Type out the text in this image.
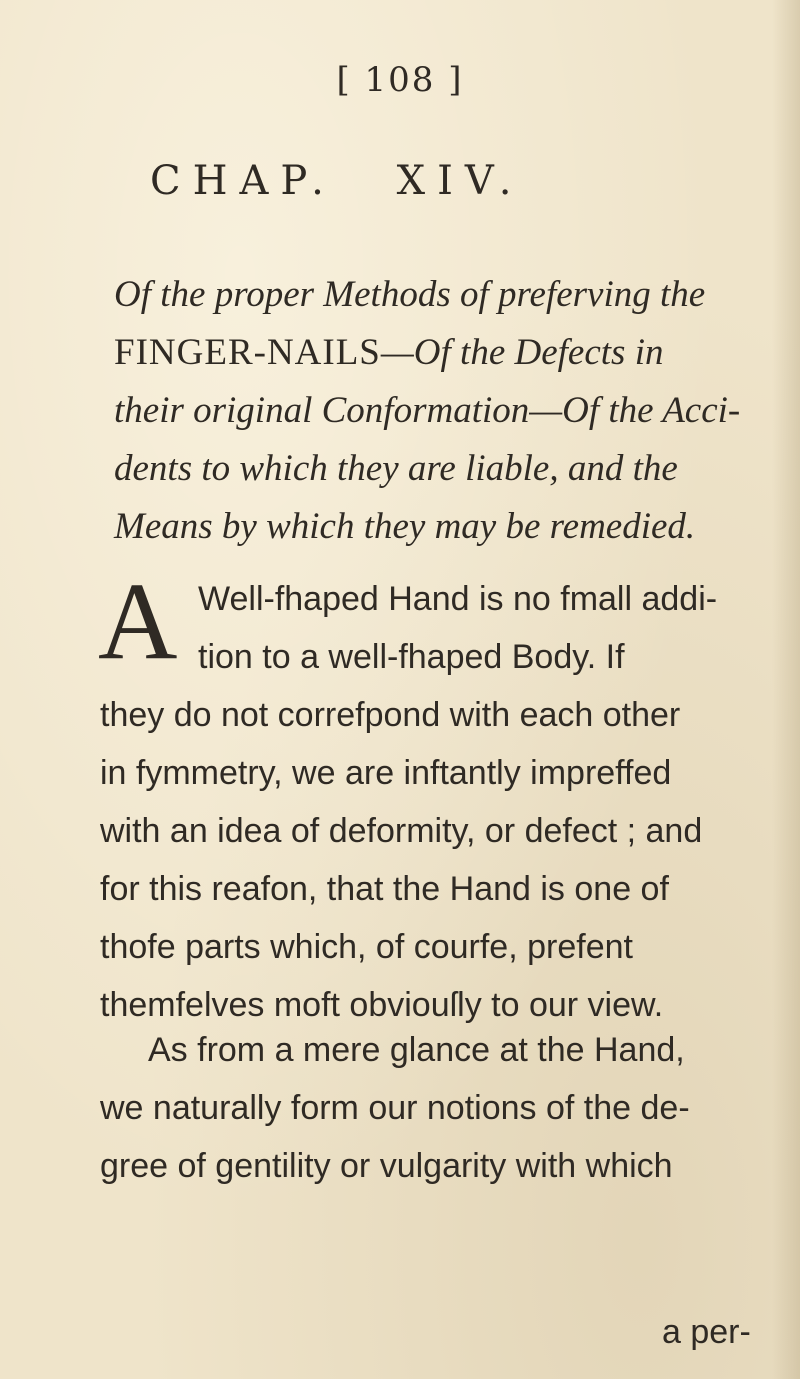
[ 108 ]
CHAP. XIV.

Of the proper Methods of preferving the
FINGER-NAILS—Of the Defects in
their original Conformation—Of the Acci-
dents to which they are liable, and the
Means by which they may be remedied.

A Well-fhaped Hand is no fmall addi-
tion to a well-fhaped Body. If
they do not correfpond with each other
in fymmetry, we are inftantly impreffed
with an idea of deformity, or defect ; and
for this reafon, that the Hand is one of
thofe parts which, of courfe, prefent
themfelves moft obviouſly to our view.

As from a mere glance at the Hand,
we naturally form our notions of the de-
gree of gentility or vulgarity with which

a per-
